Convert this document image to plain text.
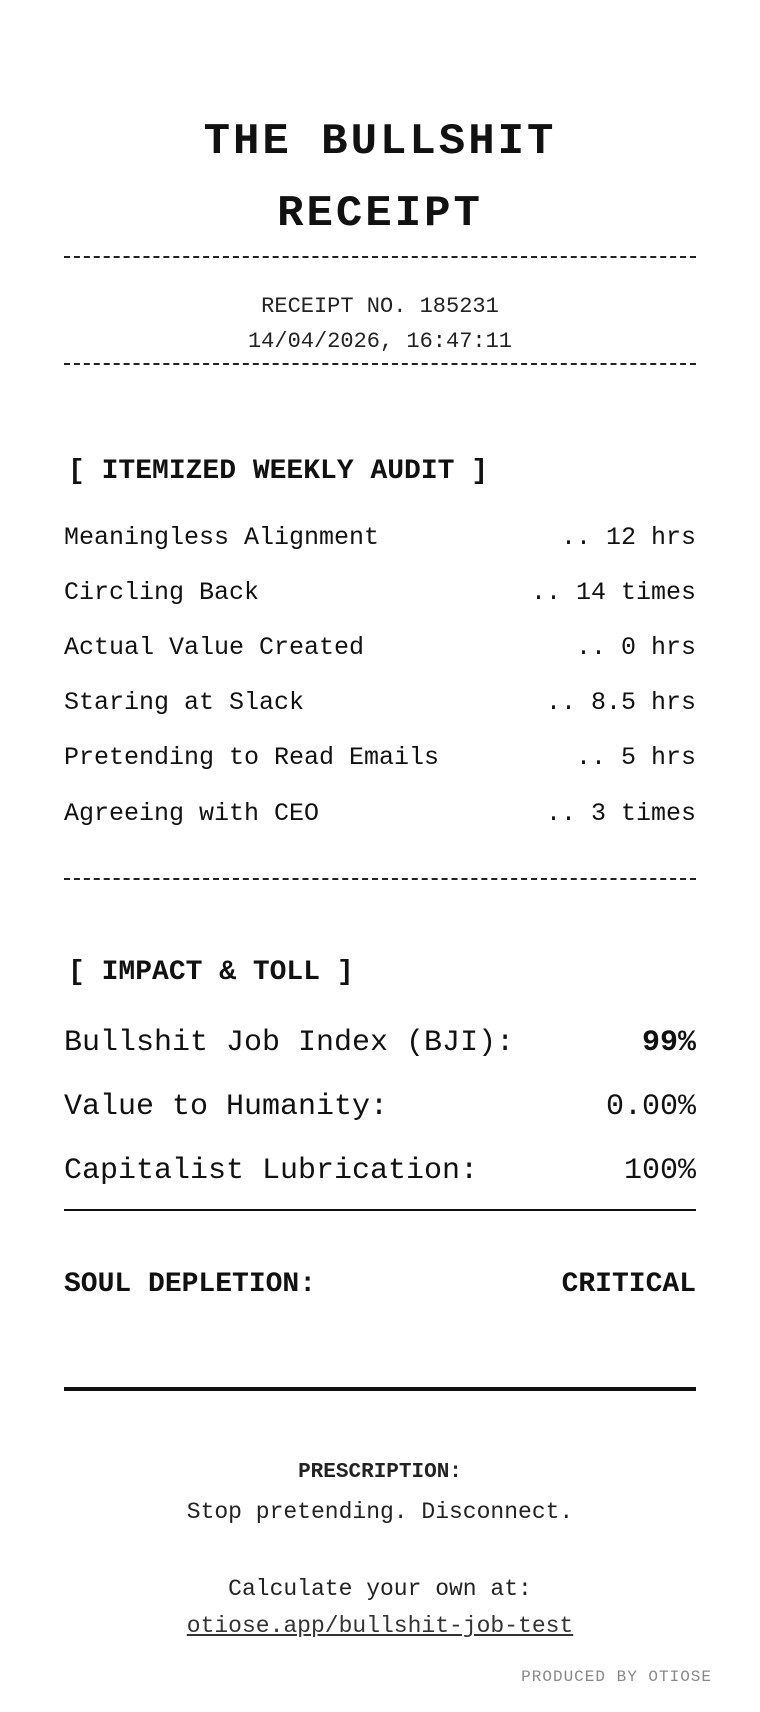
THE BULLSHIT
RECEIPT
RECEIPT NO. 185231
14/04/2026, 16:47:11
[ ITEMIZED WEEKLY AUDIT ]
Meaningless Alignment	.. 12 hrs
Circling Back	.. 14 times
Actual Value Created	.. 0 hrs
Staring at Slack	.. 8.5 hrs
Pretending to Read Emails	.. 5 hrs
Agreeing with CEO	.. 3 times
[ IMPACT & TOLL ]
Bullshit Job Index (BJI):	99%
Value to Humanity:	0.00%
Capitalist Lubrication:	100%
SOUL DEPLETION:	CRITICAL
PRESCRIPTION:
Stop pretending. Disconnect.
Calculate your own at:
otiose.app/bullshit-job-test
PRODUCED BY OTIOSE
